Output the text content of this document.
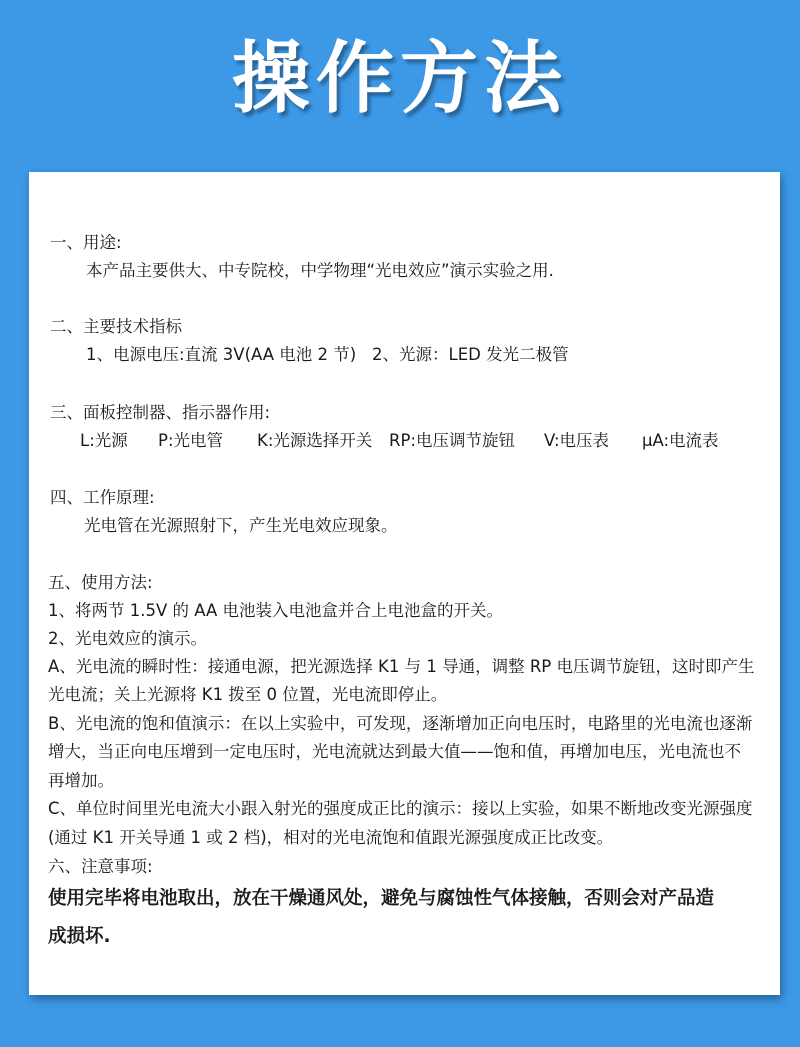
操作方法
一、用途:
本产品主要供大、中专院校，中学物理“光电效应”演示实验之用.
二、主要技术指标
1、电源电压:直流 3V(AA 电池 2 节) 2、光源：LED 发光二极管
三、面板控制器、指示器作用:
L:光源 P:光电管 K:光源选择开关 RP:电压调节旋钮 V:电压表 μA:电流表
四、工作原理:
光电管在光源照射下，产生光电效应现象。
五、使用方法:
1、将两节 1.5V 的 AA 电池装入电池盒并合上电池盒的开关。
2、光电效应的演示。
A、光电流的瞬时性：接通电源，把光源选择 K1 与 1 导通，调整 RP 电压调节旋钮，这时即产生
光电流；关上光源将 K1 拨至 0 位置，光电流即停止。
B、光电流的饱和值演示：在以上实验中，可发现，逐渐增加正向电压时，电路里的光电流也逐渐
增大，当正向电压增到一定电压时，光电流就达到最大值——饱和值，再增加电压，光电流也不
再增加。
C、单位时间里光电流大小跟入射光的强度成正比的演示：接以上实验，如果不断地改变光源强度
(通过 K1 开关导通 1 或 2 档)，相对的光电流饱和值跟光源强度成正比改变。
六、注意事项:
使用完毕将电池取出，放在干燥通风处，避免与腐蚀性气体接触，否则会对产品造
成损坏.
